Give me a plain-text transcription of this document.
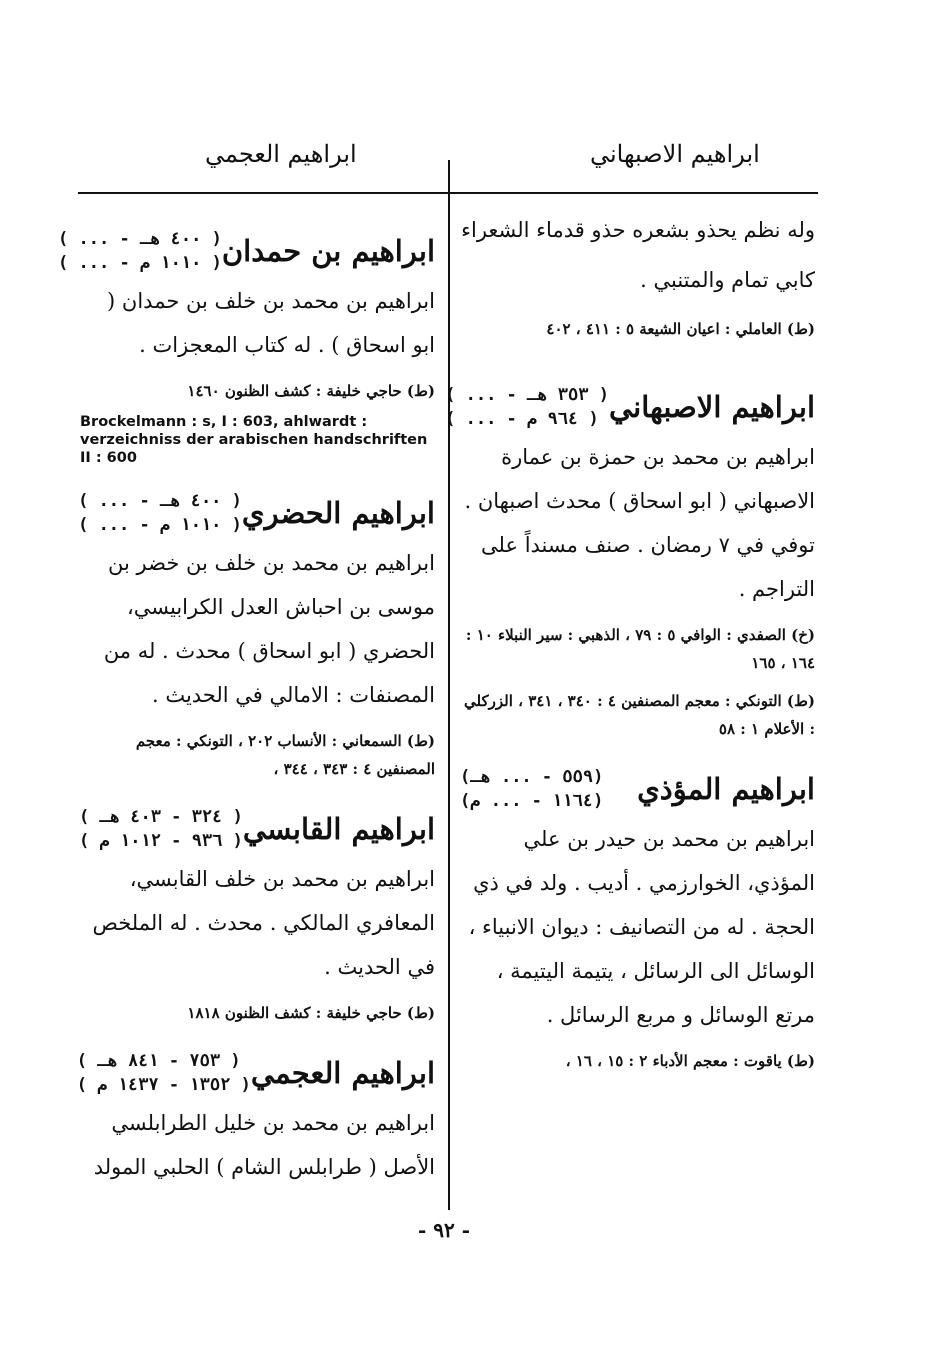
ابراهيم الاصبهاني
ابراهيم العجمي
وله نظم يحذو بشعره حذو قدماء الشعراء كابي تمام والمتنبي .
(ط) العاملي : اعيان الشيعة ٥ : ٤١١ ، ٤٠٢
ابراهيم الاصبهاني
( ... - ٣٥٣ هـ )
( ... - ٩٦٤ م )
ابراهيم بن محمد بن حمزة بن عمارة الاصبهاني ( ابو اسحاق ) محدث اصبهان . توفي في ٧ رمضان . صنف مسنداً على التراجم .
(خ) الصفدي : الوافي ٥ : ٧٩ ، الذهبي : سير النبلاء ١٠ : ١٦٤ ، ١٦٥
(ط) التونكي : معجم المصنفين ٤ : ٣٤٠ ، ٣٤١ ، الزركلي : الأعلام ١ : ٥٨
ابراهيم المؤذي
(٥٥٩ - ... هـ)
(١١٦٤ - ... م)
ابراهيم بن محمد بن حيدر بن علي المؤذي، الخوارزمي . أديب . ولد في ذي الحجة . له من التصانيف : ديوان الانبياء ، الوسائل الى الرسائل ، يتيمة اليتيمة ، مرتع الوسائل و مربع الرسائل .
(ط) ياقوت : معجم الأدباء ٢ : ١٥ ، ١٦ ،
ابراهيم بن حمدان
( ... - ٤٠٠ هـ )
( ... - ١٠١٠ م )
ابراهيم بن محمد بن خلف بن حمدان ( ابو اسحاق ) . له كتاب المعجزات .
(ط) حاجي خليفة : كشف الظنون ١٤٦٠
Brockelmann : s, I : 603, ahlwardt : verzeichniss der arabischen handschriften II : 600
ابراهيم الحضري
( ... - ٤٠٠ هـ )
( ... - ١٠١٠ م )
ابراهيم بن محمد بن خلف بن خضر بن موسى بن احباش العدل الكرابيسي، الحضري ( ابو اسحاق ) محدث . له من المصنفات : الامالي في الحديث .
(ط) السمعاني : الأنساب ٢٠٢ ، التونكي : معجم المصنفين ٤ : ٣٤٣ ، ٣٤٤ ،
ابراهيم القابسي
( ٣٢٤ - ٤٠٣ هـ )
( ٩٣٦ - ١٠١٢ م )
ابراهيم بن محمد بن خلف القابسي، المعافري المالكي . محدث . له الملخص في الحديث .
(ط) حاجي خليفة : كشف الظنون ١٨١٨
ابراهيم العجمي
( ٧٥٣ - ٨٤١ هـ )
( ١٣٥٢ - ١٤٣٧ م )
ابراهيم بن محمد بن خليل الطرابلسي الأصل ( طرابلس الشام ) الحلبي المولد
- ٩٢ -
